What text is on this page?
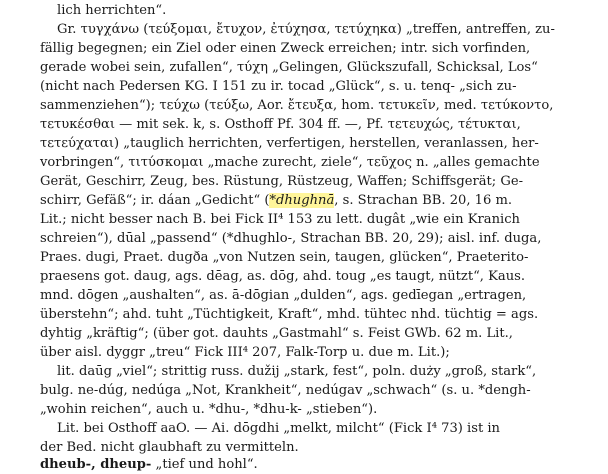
lich herrichten“.
Gr. τυγχάνω (τεύξομαι, ἔτυχον, ἐτύχησα, τετύχηκα) „treffen, antreffen, zu-
fällig begegnen; ein Ziel oder einen Zweck erreichen; intr. sich vorfinden,
gerade wobei sein, zufallen“, τύχη „Gelingen, Glückszufall, Schicksal, Los“
(nicht nach Pedersen KG. I 151 zu ir. tocad „Glück“, s. u. tenq- „sich zu-
sammenziehen“); τεύχω (τεύξω, Aor. ἔτευξα, hom. τετυκεῖν, med. τετύκοντο,
τετυκέσθαι — mit sek. k, s. Osthoff Pf. 304 ff. —, Pf. τετευχώς, τέτυκται,
τετεύχαται) „tauglich herrichten, verfertigen, herstellen, veranlassen, her-
vorbringen“, τιτύσκομαι „mache zurecht, ziele“, τεῦχος n. „alles gemachte
Gerät, Geschirr, Zeug, bes. Rüstung, Rüstzeug, Waffen; Schiffsgerät; Ge-
schirr, Gefäß“; ir. dáan „Gedicht“ (*dhughnā, s. Strachan BB. 20, 16 m.
Lit.; nicht besser nach B. bei Fick II⁴ 153 zu lett. dugât „wie ein Kranich
schreien“), dūal „passend“ (*dhughlo-, Strachan BB. 20, 29); aisl. inf. duga,
Praes. dugi, Praet. dugða „von Nutzen sein, taugen, glücken“, Praeterito-
praesens got. daug, ags. dēag, as. dōg, ahd. toug „es taugt, nützt“, Kaus.
mnd. dōgen „aushalten“, as. ā-dōgian „dulden“, ags. gedīegan „ertragen,
überstehn“; ahd. tuht „Tüchtigkeit, Kraft“, mhd. tühtec nhd. tüchtig = ags.
dyhtig „kräftig“; (über got. dauhts „Gastmahl“ s. Feist GWb. 62 m. Lit.,
über aisl. dyggr „treu“ Fick III⁴ 207, Falk-Torp u. due m. Lit.);
lit. daūg „viel“; strittig russ. dužij „stark, fest“, poln. duży „groß, stark“,
bulg. ne-dúg, nedúga „Not, Krankheit“, nedúgav „schwach“ (s. u. *dengh-
„wohin reichen“, auch u. *dhu-, *dhu-k- „stieben“).
Lit. bei Osthoff aaO. — Ai. dōgdhi „melkt, milcht“ (Fick I⁴ 73) ist in
der Bed. nicht glaubhaft zu vermitteln.
dheub-, dheup- „tief und hohl“.
